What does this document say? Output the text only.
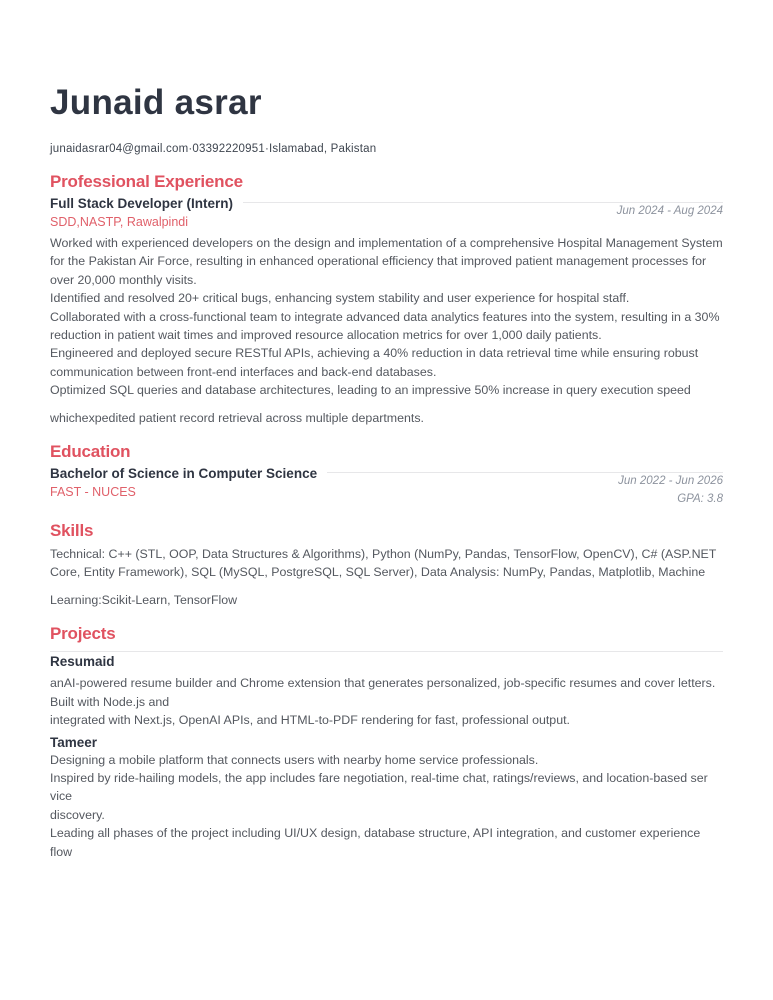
Junaid asrar
junaidasrar04@gmail.com·03392220951·Islamabad, Pakistan
Professional Experience
Full Stack Developer (Intern)
SDD,NASTP, Rawalpindi
Jun 2024 - Aug 2024

Worked with experienced developers on the design and implementation of a comprehensive Hospital Management System for the Pakistan Air Force, resulting in enhanced operational efficiency that improved patient management processes for over 20,000 monthly visits.

Identified and resolved 20+ critical bugs, enhancing system stability and user experience for hospital staff.

Collaborated with a cross-functional team to integrate advanced data analytics features into the system, resulting in a 30% reduction in patient wait times and improved resource allocation metrics for over 1,000 daily patients.

Engineered and deployed secure RESTful APIs, achieving a 40% reduction in data retrieval time while ensuring robust communication between front-end interfaces and back-end databases.

Optimized SQL queries and database architectures, leading to an impressive 50% increase in query execution speed

whichexpedited patient record retrieval across multiple departments.

Education
Bachelor of Science in Computer Science
FAST - NUCES
Jun 2022 - Jun 2026
GPA: 3.8
Skills

Technical: C++ (STL, OOP, Data Structures & Algorithms), Python (NumPy, Pandas, TensorFlow, OpenCV), C# (ASP.NET Core, Entity Framework), SQL (MySQL, PostgreSQL, SQL Server), Data Analysis: NumPy, Pandas, Matplotlib, Machine

Learning:Scikit-Learn, TensorFlow

Projects
Resumaid

anAI-powered resume builder and Chrome extension that generates personalized, job-specific resumes and cover letters. Built with Node.js and

integrated with Next.js, OpenAI APIs, and HTML-to-PDF rendering for fast, professional output.

Tameer

Designing a mobile platform that connects users with nearby home service professionals.

Inspired by ride-hailing models, the app includes fare negotiation, real-time chat, ratings/reviews, and location-based ser vice

discovery.

Leading all phases of the project including UI/UX design, database structure, API integration, and customer experience flow
